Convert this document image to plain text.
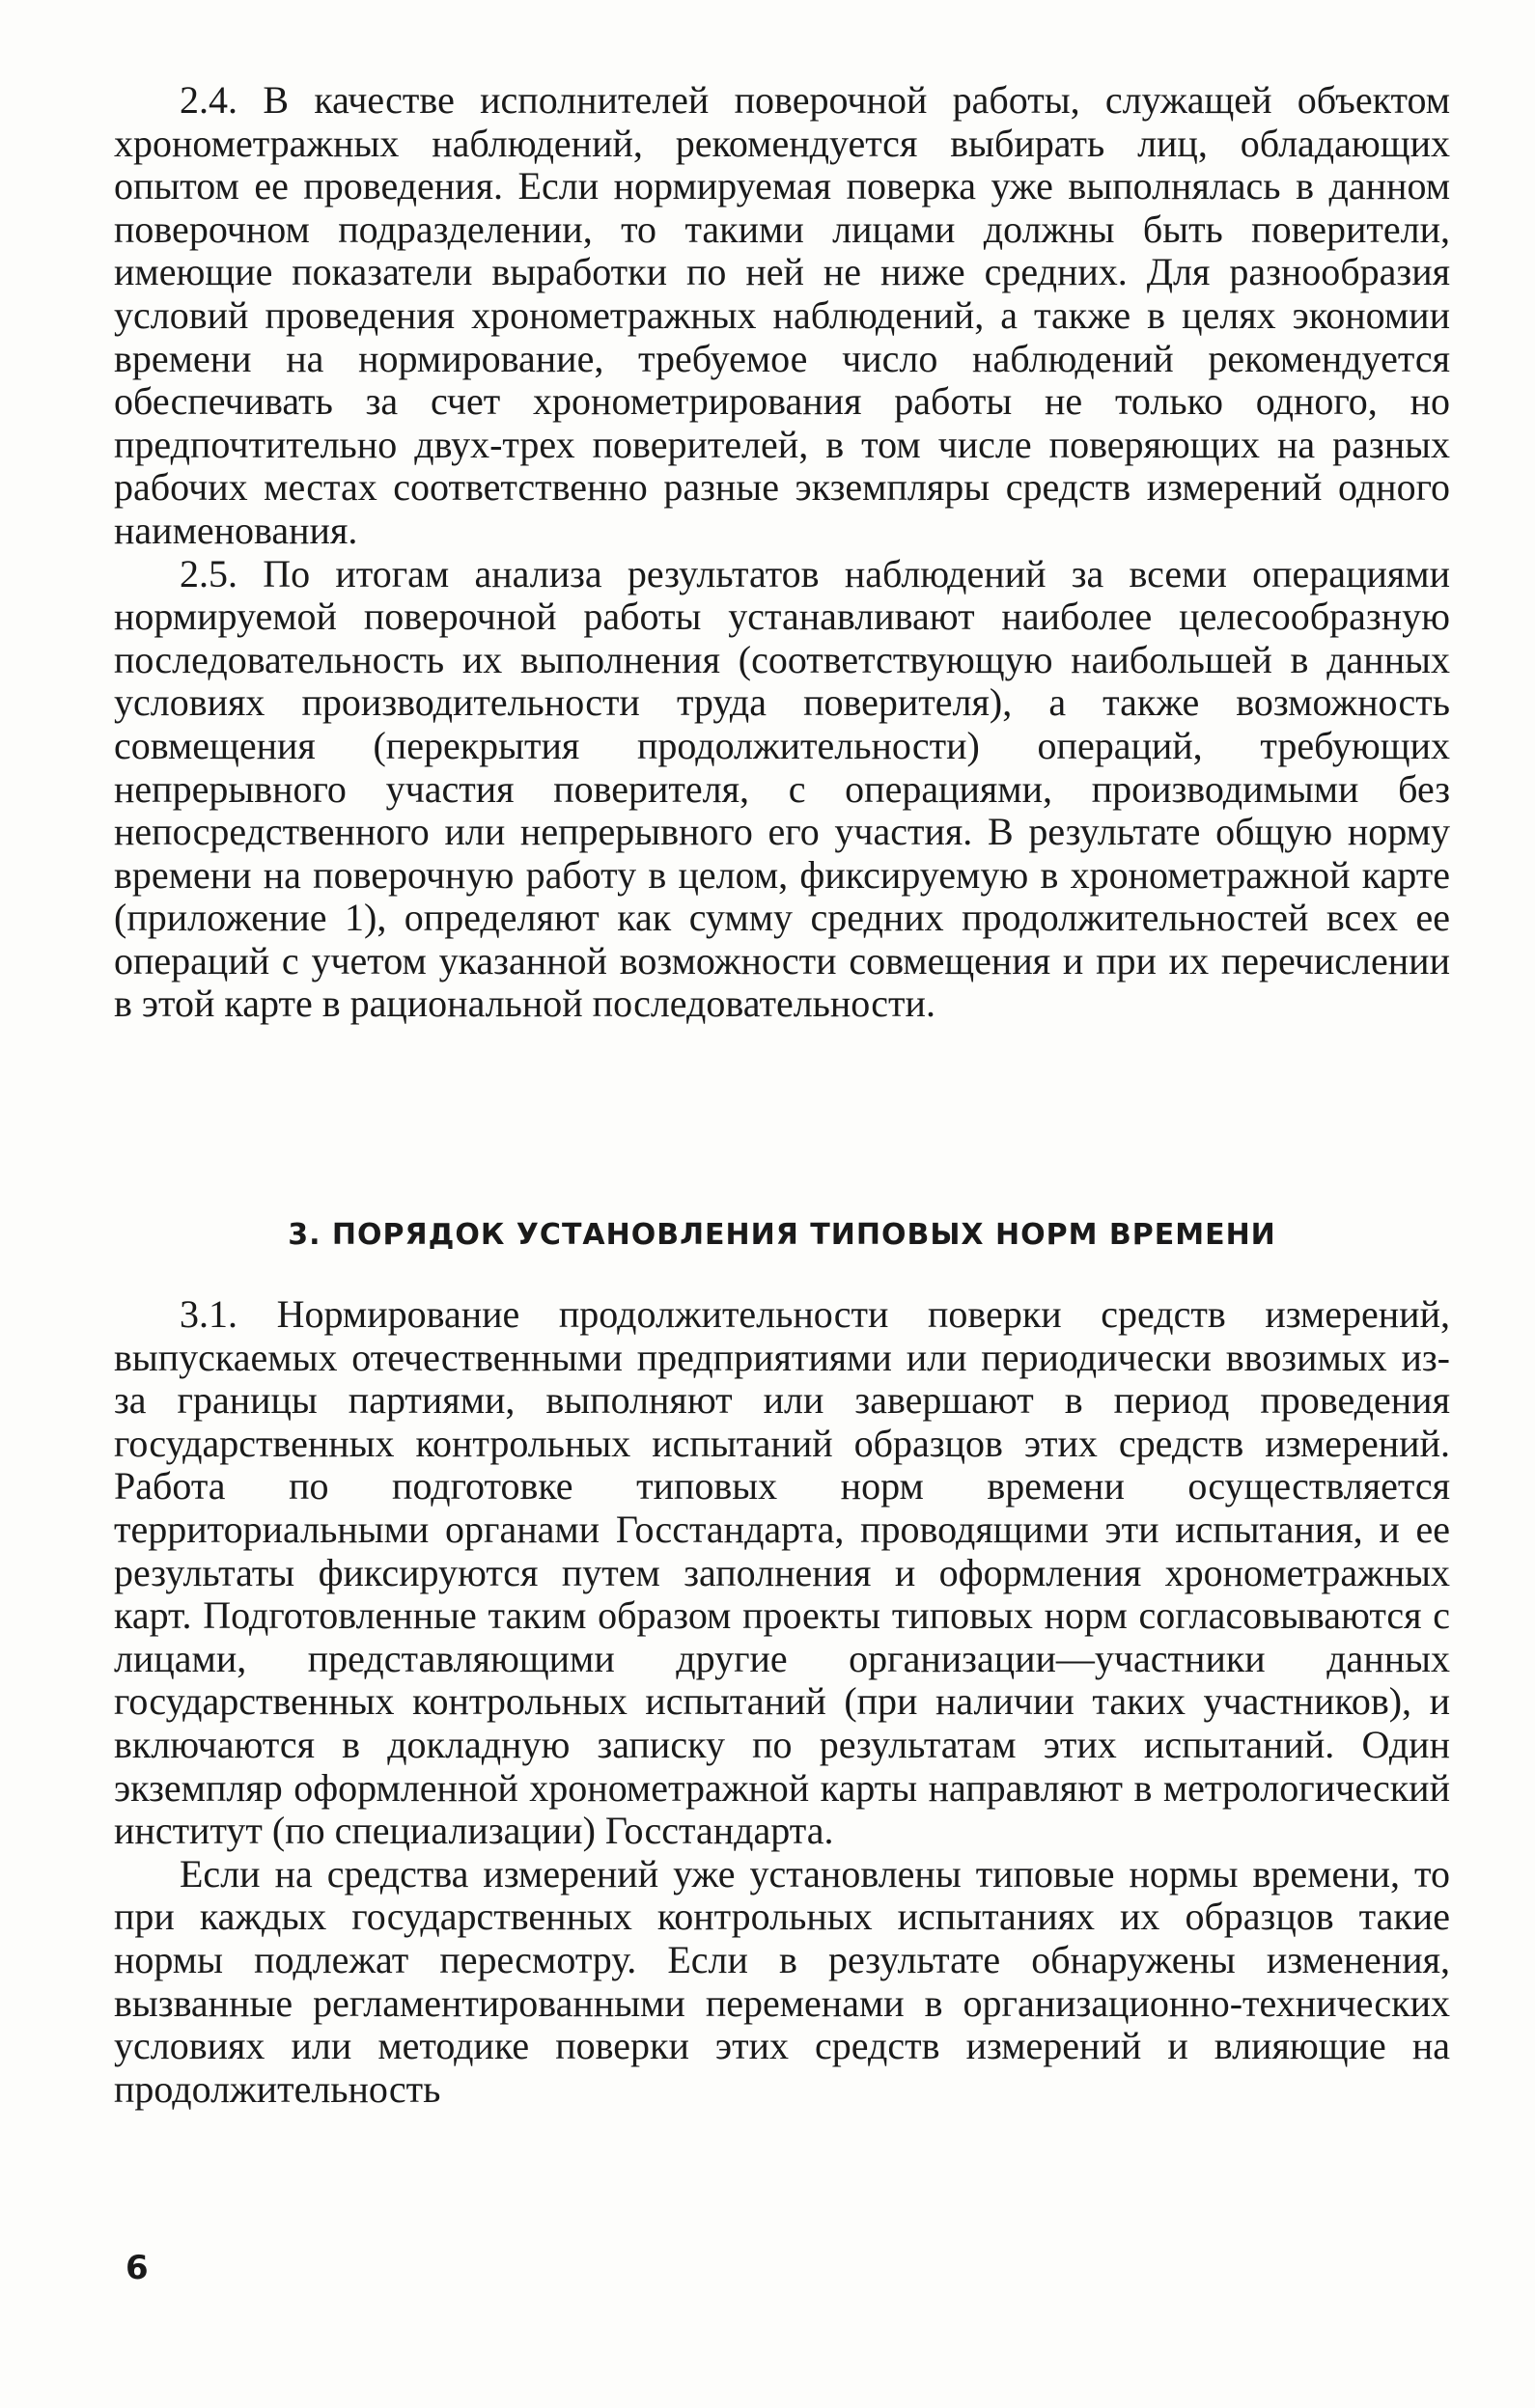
2.4. В качестве исполнителей поверочной работы, служащей объектом хронометражных наблюдений, рекомендуется выбирать лиц, обладающих опытом ее проведения. Если нормируемая поверка уже выполнялась в данном поверочном подразделении, то такими лицами должны быть поверители, имеющие показатели выработки по ней не ниже средних. Для разнообразия условий проведения хронометражных наблюдений, а также в целях экономии времени на нормирование, требуемое число наблюдений рекомендуется обеспечивать за счет хронометрирования работы не только одного, но предпочтительно двух-трех поверителей, в том числе поверяющих на разных рабочих местах соответственно разные экземпляры средств измерений одного наименования.

2.5. По итогам анализа результатов наблюдений за всеми операциями нормируемой поверочной работы устанавливают наиболее целесообразную последовательность их выполнения (соответствующую наибольшей в данных условиях производительности труда поверителя), а также возможность совмещения (перекрытия продолжительности) операций, требующих непрерывного участия поверителя, с операциями, производимыми без непосредственного или непрерывного его участия. В результате общую норму времени на поверочную работу в целом, фиксируемую в хронометражной карте (приложение 1), определяют как сумму средних продолжительностей всех ее операций с учетом указанной возможности совмещения и при их перечислении в этой карте в рациональной последовательности.

3. ПОРЯДОК УСТАНОВЛЕНИЯ ТИПОВЫХ НОРМ ВРЕМЕНИ

3.1. Нормирование продолжительности поверки средств измерений, выпускаемых отечественными предприятиями или периодически ввозимых из-за границы партиями, выполняют или завершают в период проведения государственных контрольных испытаний образцов этих средств измерений. Работа по подготовке типовых норм времени осуществляется территориальными органами Госстандарта, проводящими эти испытания, и ее результаты фиксируются путем заполнения и оформления хронометражных карт. Подготовленные таким образом проекты типовых норм согласовываются с лицами, представляющими другие организации—участники данных государственных контрольных испытаний (при наличии таких участников), и включаются в докладную записку по результатам этих испытаний. Один экземпляр оформленной хронометражной карты направляют в метрологический институт (по специализации) Госстандарта.

Если на средства измерений уже установлены типовые нормы времени, то при каждых государственных контрольных испытаниях их образцов такие нормы подлежат пересмотру. Если в результате обнаружены изменения, вызванные регламентированными переменами в организационно-технических условиях или методике поверки этих средств измерений и влияющие на продолжительность

6
